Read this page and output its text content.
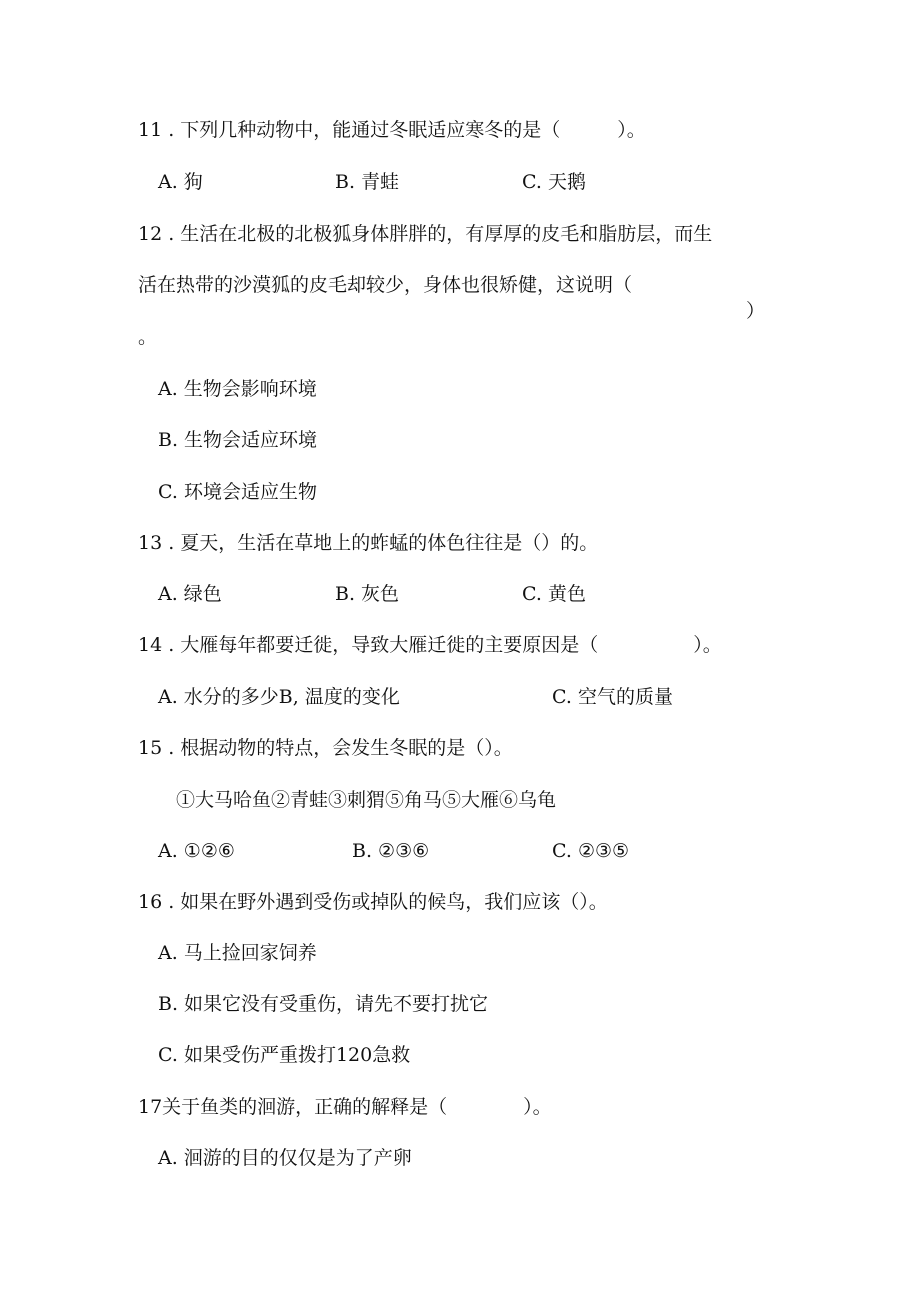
11 . 下列几种动物中，能通过冬眠适应寒冬的是（　　　）。
A. 狗	B. 青蛙	C. 天鹅
12 . 生活在北极的北极狐身体胖胖的，有厚厚的皮毛和脂肪层，而生
活在热带的沙漠狐的皮毛却较少，身体也很矫健，这说明（
）
。
A. 生物会影响环境
B. 生物会适应环境
C. 环境会适应生物
13 . 夏天，生活在草地上的蚱蜢的体色往往是（）的。
A. 绿色	B. 灰色	C. 黄色
14 . 大雁每年都要迁徙，导致大雁迁徙的主要原因是（　　　　　）。
A. 水分的多少B, 温度的变化	C. 空气的质量
15 . 根据动物的特点，会发生冬眠的是（）。
①大马哈鱼②青蛙③刺猬⑤角马⑤大雁⑥乌龟
A. ①②⑥	B. ②③⑥	C. ②③⑤
16 . 如果在野外遇到受伤或掉队的候鸟，我们应该（）。
A. 马上捡回家饲养
B. 如果它没有受重伤，请先不要打扰它
C. 如果受伤严重拨打120急救
17关于鱼类的洄游，正确的解释是（　　　　）。
A. 洄游的目的仅仅是为了产卵
